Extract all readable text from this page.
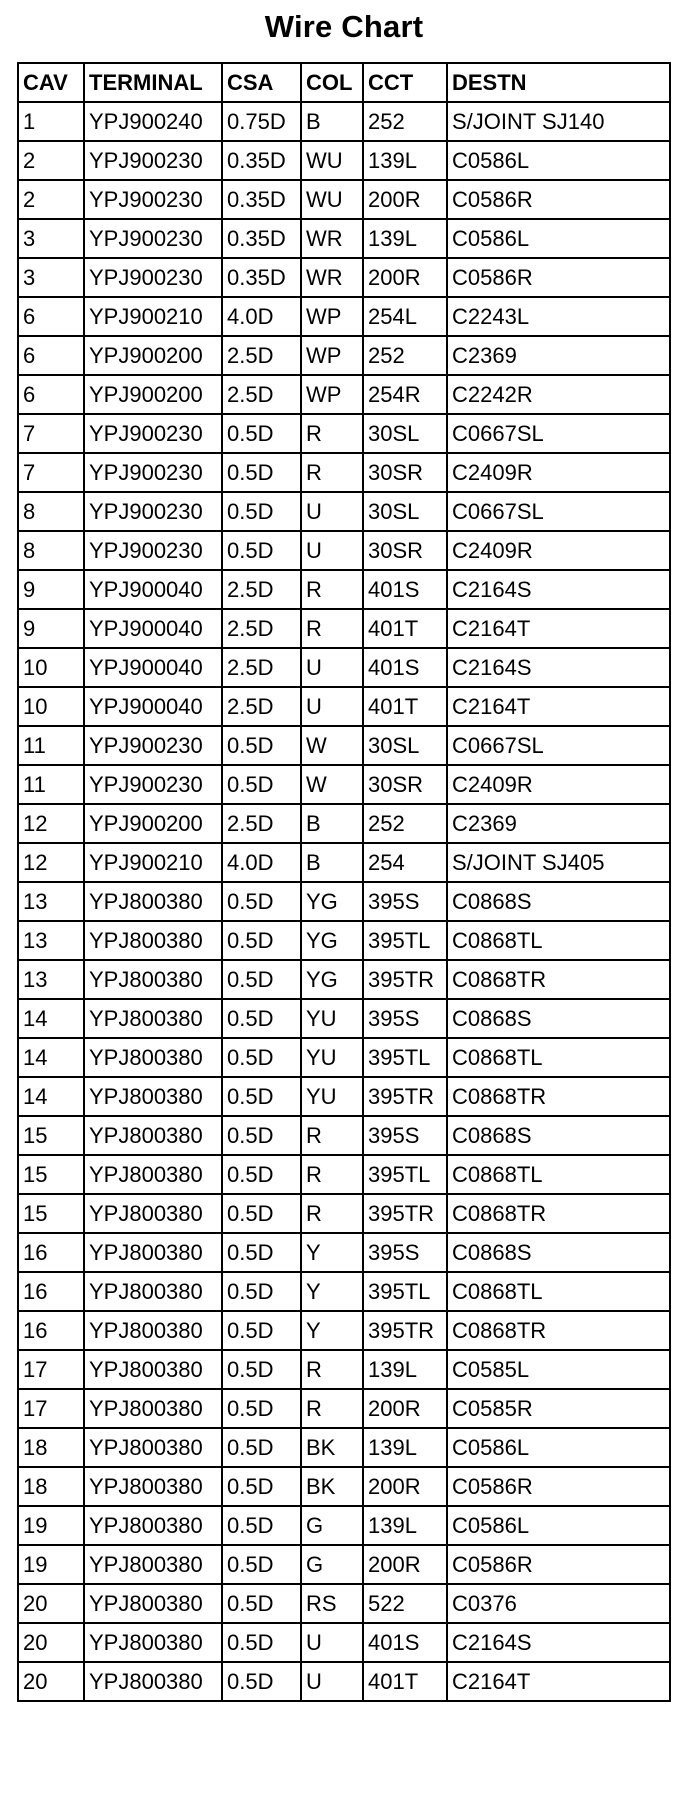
Wire Chart
CAV	TERMINAL	CSA	COL	CCT	DESTN
1	YPJ900240	0.75D	B	252	S/JOINT SJ140
2	YPJ900230	0.35D	WU	139L	C0586L
2	YPJ900230	0.35D	WU	200R	C0586R
3	YPJ900230	0.35D	WR	139L	C0586L
3	YPJ900230	0.35D	WR	200R	C0586R
6	YPJ900210	4.0D	WP	254L	C2243L
6	YPJ900200	2.5D	WP	252	C2369
6	YPJ900200	2.5D	WP	254R	C2242R
7	YPJ900230	0.5D	R	30SL	C0667SL
7	YPJ900230	0.5D	R	30SR	C2409R
8	YPJ900230	0.5D	U	30SL	C0667SL
8	YPJ900230	0.5D	U	30SR	C2409R
9	YPJ900040	2.5D	R	401S	C2164S
9	YPJ900040	2.5D	R	401T	C2164T
10	YPJ900040	2.5D	U	401S	C2164S
10	YPJ900040	2.5D	U	401T	C2164T
11	YPJ900230	0.5D	W	30SL	C0667SL
11	YPJ900230	0.5D	W	30SR	C2409R
12	YPJ900200	2.5D	B	252	C2369
12	YPJ900210	4.0D	B	254	S/JOINT SJ405
13	YPJ800380	0.5D	YG	395S	C0868S
13	YPJ800380	0.5D	YG	395TL	C0868TL
13	YPJ800380	0.5D	YG	395TR	C0868TR
14	YPJ800380	0.5D	YU	395S	C0868S
14	YPJ800380	0.5D	YU	395TL	C0868TL
14	YPJ800380	0.5D	YU	395TR	C0868TR
15	YPJ800380	0.5D	R	395S	C0868S
15	YPJ800380	0.5D	R	395TL	C0868TL
15	YPJ800380	0.5D	R	395TR	C0868TR
16	YPJ800380	0.5D	Y	395S	C0868S
16	YPJ800380	0.5D	Y	395TL	C0868TL
16	YPJ800380	0.5D	Y	395TR	C0868TR
17	YPJ800380	0.5D	R	139L	C0585L
17	YPJ800380	0.5D	R	200R	C0585R
18	YPJ800380	0.5D	BK	139L	C0586L
18	YPJ800380	0.5D	BK	200R	C0586R
19	YPJ800380	0.5D	G	139L	C0586L
19	YPJ800380	0.5D	G	200R	C0586R
20	YPJ800380	0.5D	RS	522	C0376
20	YPJ800380	0.5D	U	401S	C2164S
20	YPJ800380	0.5D	U	401T	C2164T
